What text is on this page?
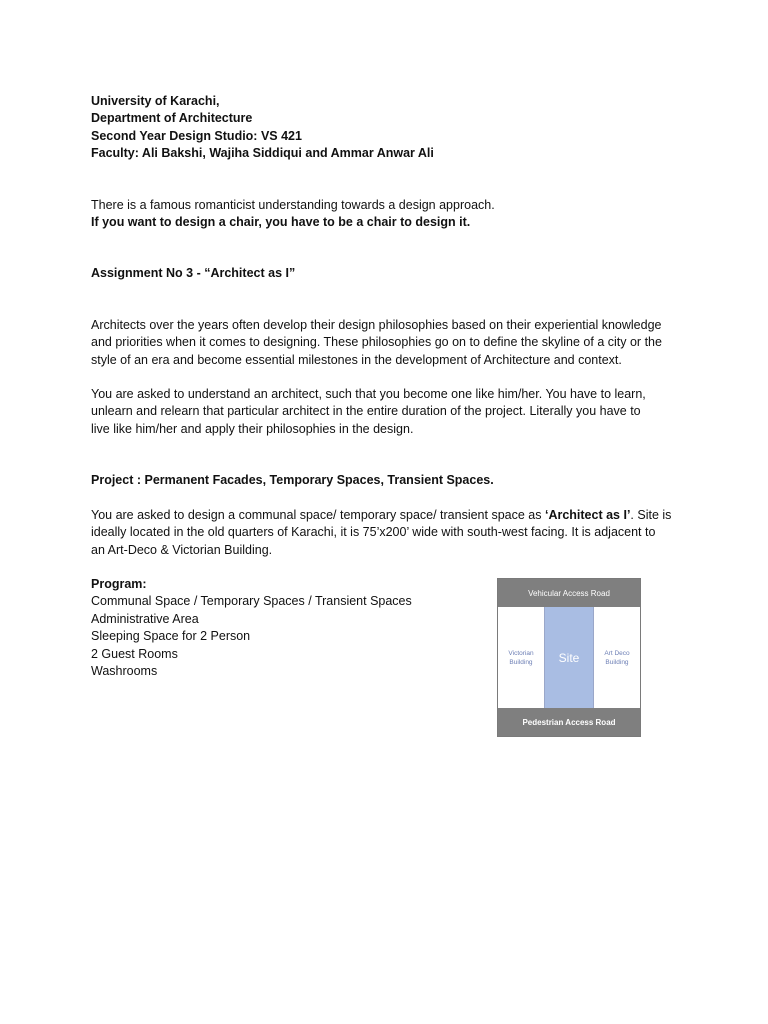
University of Karachi,
Department of Architecture
Second Year Design Studio: VS 421
Faculty: Ali Bakshi, Wajiha Siddiqui and Ammar Anwar Ali
There is a famous romanticist understanding towards a design approach.
If you want to design a chair, you have to be a chair to design it.
Assignment No 3 - “Architect as I”
Architects over the years often develop their design philosophies based on their experiential knowledge
and priorities when it comes to designing. These philosophies go on to define the skyline of a city or the
style of an era and become essential milestones in the development of Architecture and context.
You are asked to understand an architect, such that you become one like him/her. You have to learn,
unlearn and relearn that particular architect in the entire duration of the project. Literally you have to
live like him/her and apply their philosophies in the design.
Project : Permanent Facades, Temporary Spaces, Transient Spaces.
You are asked to design a communal space/ temporary space/ transient space as ‘Architect as I’. Site is
ideally located in the old quarters of Karachi, it is 75’x200’ wide with south-west facing. It is adjacent to
an Art-Deco & Victorian Building.
Program:
Communal Space / Temporary Spaces / Transient Spaces
Administrative Area
Sleeping Space for 2 Person
2 Guest Rooms
Washrooms
Vehicular Access Road
Victorian
Building	Site	Art Deco
Building
Pedestrian Access Road
